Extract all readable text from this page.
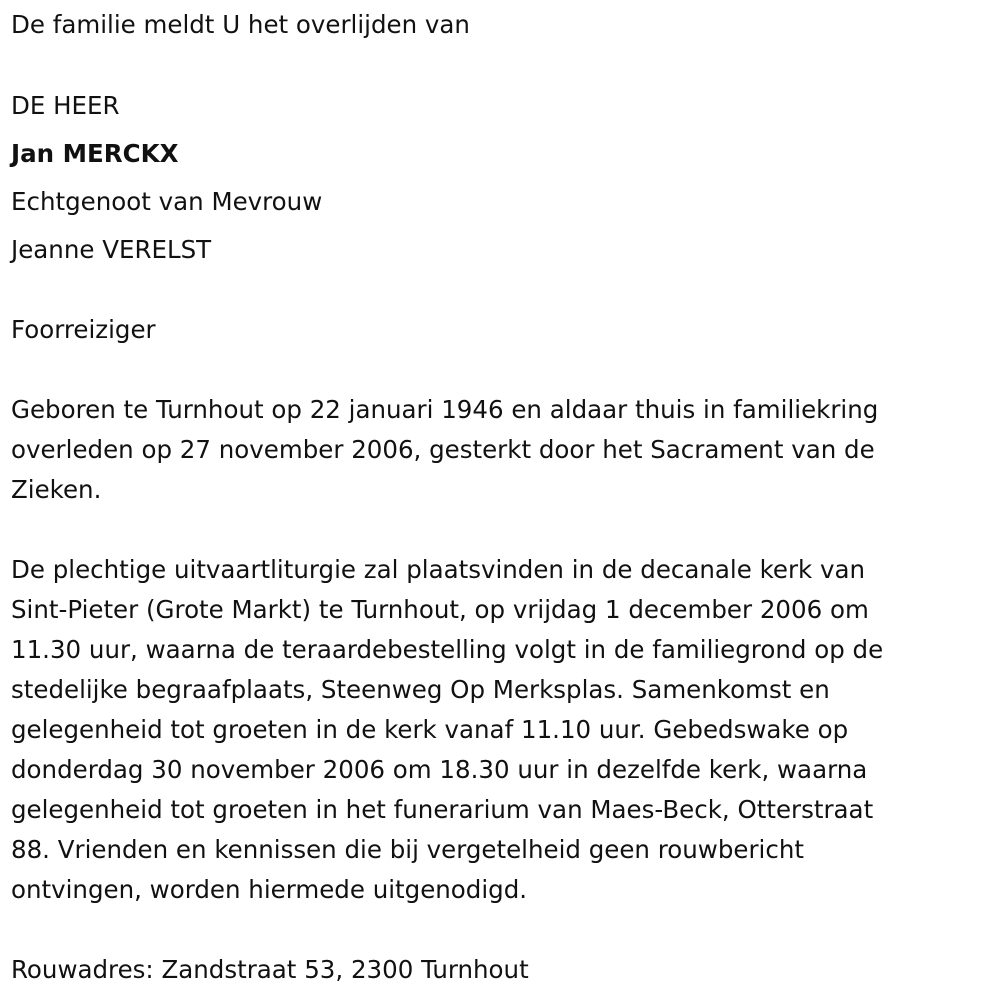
De familie meldt U het overlijden van

DE HEER

Jan MERCKX

Echtgenoot van Mevrouw

Jeanne VERELST

Foorreiziger

Geboren te Turnhout op 22 januari 1946 en aldaar thuis in familiekring
overleden op 27 november 2006, gesterkt door het Sacrament van de
Zieken.
De plechtige uitvaartliturgie zal plaatsvinden in de decanale kerk van
Sint-Pieter (Grote Markt) te Turnhout, op vrijdag 1 december 2006 om
11.30 uur, waarna de teraardebestelling volgt in de familiegrond op de
stedelijke begraafplaats, Steenweg Op Merksplas. Samenkomst en
gelegenheid tot groeten in de kerk vanaf 11.10 uur. Gebedswake op
donderdag 30 november 2006 om 18.30 uur in dezelfde kerk, waarna
gelegenheid tot groeten in het funerarium van Maes-Beck, Otterstraat
88. Vrienden en kennissen die bij vergetelheid geen rouwbericht
ontvingen, worden hiermede uitgenodigd.

Rouwadres: Zandstraat 53, 2300 Turnhout
